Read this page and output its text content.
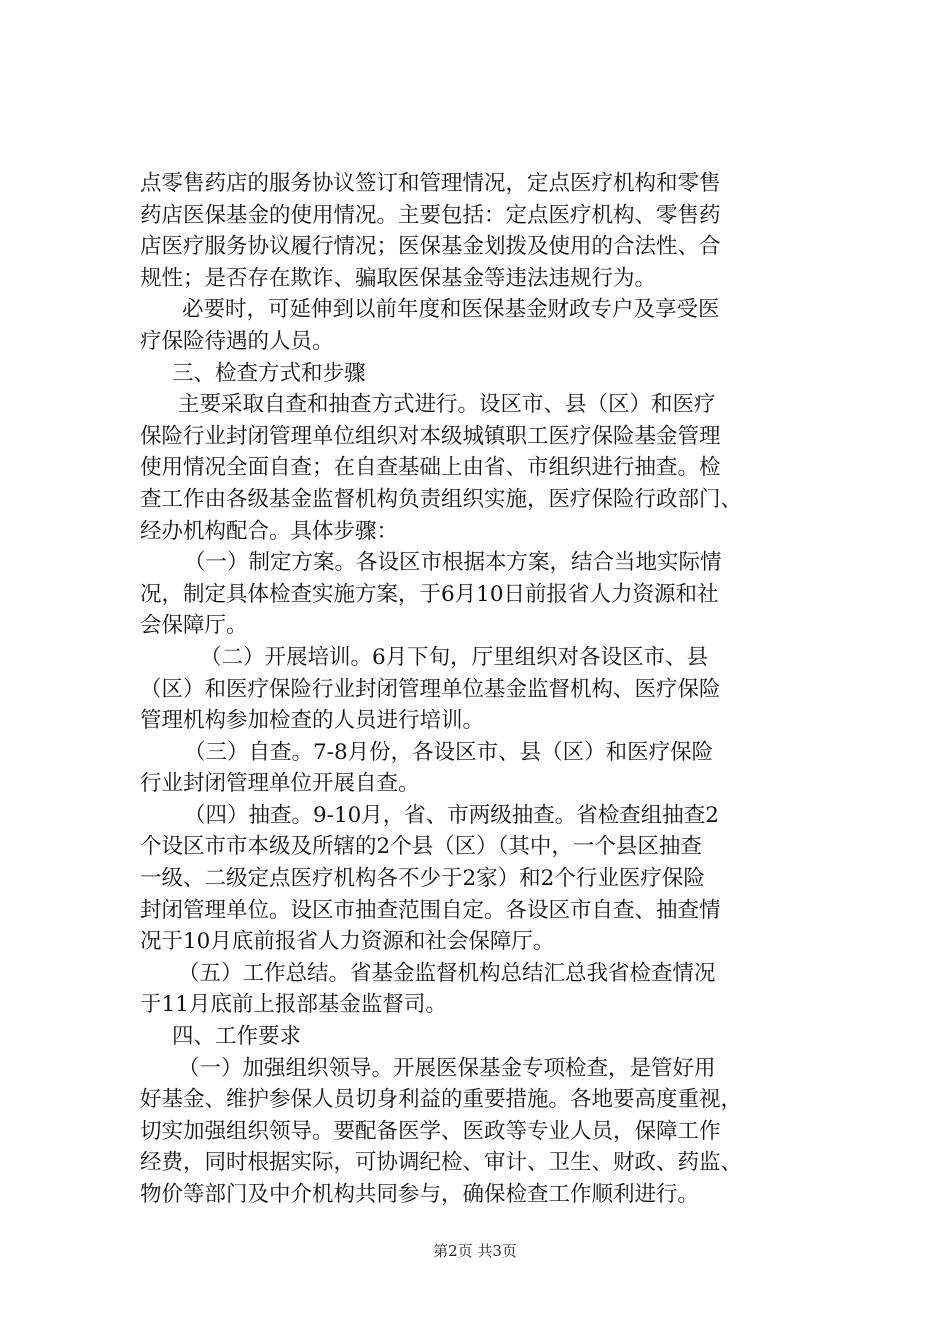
点零售药店的服务协议签订和管理情况，定点医疗机构和零售
药店医保基金的使用情况。主要包括：定点医疗机构、零售药
店医疗服务协议履行情况；医保基金划拨及使用的合法性、合
规性；是否存在欺诈、骗取医保基金等违法违规行为。
必要时，可延伸到以前年度和医保基金财政专户及享受医
疗保险待遇的人员。
三、检查方式和步骤
主要采取自查和抽查方式进行。设区市、县（区）和医疗
保险行业封闭管理单位组织对本级城镇职工医疗保险基金管理
使用情况全面自查；在自查基础上由省、市组织进行抽查。检
查工作由各级基金监督机构负责组织实施，医疗保险行政部门、
经办机构配合。具体步骤：
（一）制定方案。各设区市根据本方案，结合当地实际情
况，制定具体检查实施方案，于6月10日前报省人力资源和社
会保障厅。
（二）开展培训。6月下旬，厅里组织对各设区市、县
（区）和医疗保险行业封闭管理单位基金监督机构、医疗保险
管理机构参加检查的人员进行培训。
（三）自查。7-8月份，各设区市、县（区）和医疗保险
行业封闭管理单位开展自查。
（四）抽查。9-10月，省、市两级抽查。省检查组抽查2
个设区市市本级及所辖的2个县（区）（其中，一个县区抽查
一级、二级定点医疗机构各不少于2家）和2个行业医疗保险
封闭管理单位。设区市抽查范围自定。各设区市自查、抽查情
况于10月底前报省人力资源和社会保障厅。
（五）工作总结。省基金监督机构总结汇总我省检查情况
于11月底前上报部基金监督司。
四、工作要求
（一）加强组织领导。开展医保基金专项检查，是管好用
好基金、维护参保人员切身利益的重要措施。各地要高度重视，
切实加强组织领导。要配备医学、医政等专业人员，保障工作
经费，同时根据实际，可协调纪检、审计、卫生、财政、药监、
物价等部门及中介机构共同参与，确保检查工作顺利进行。
第2页 共3页
